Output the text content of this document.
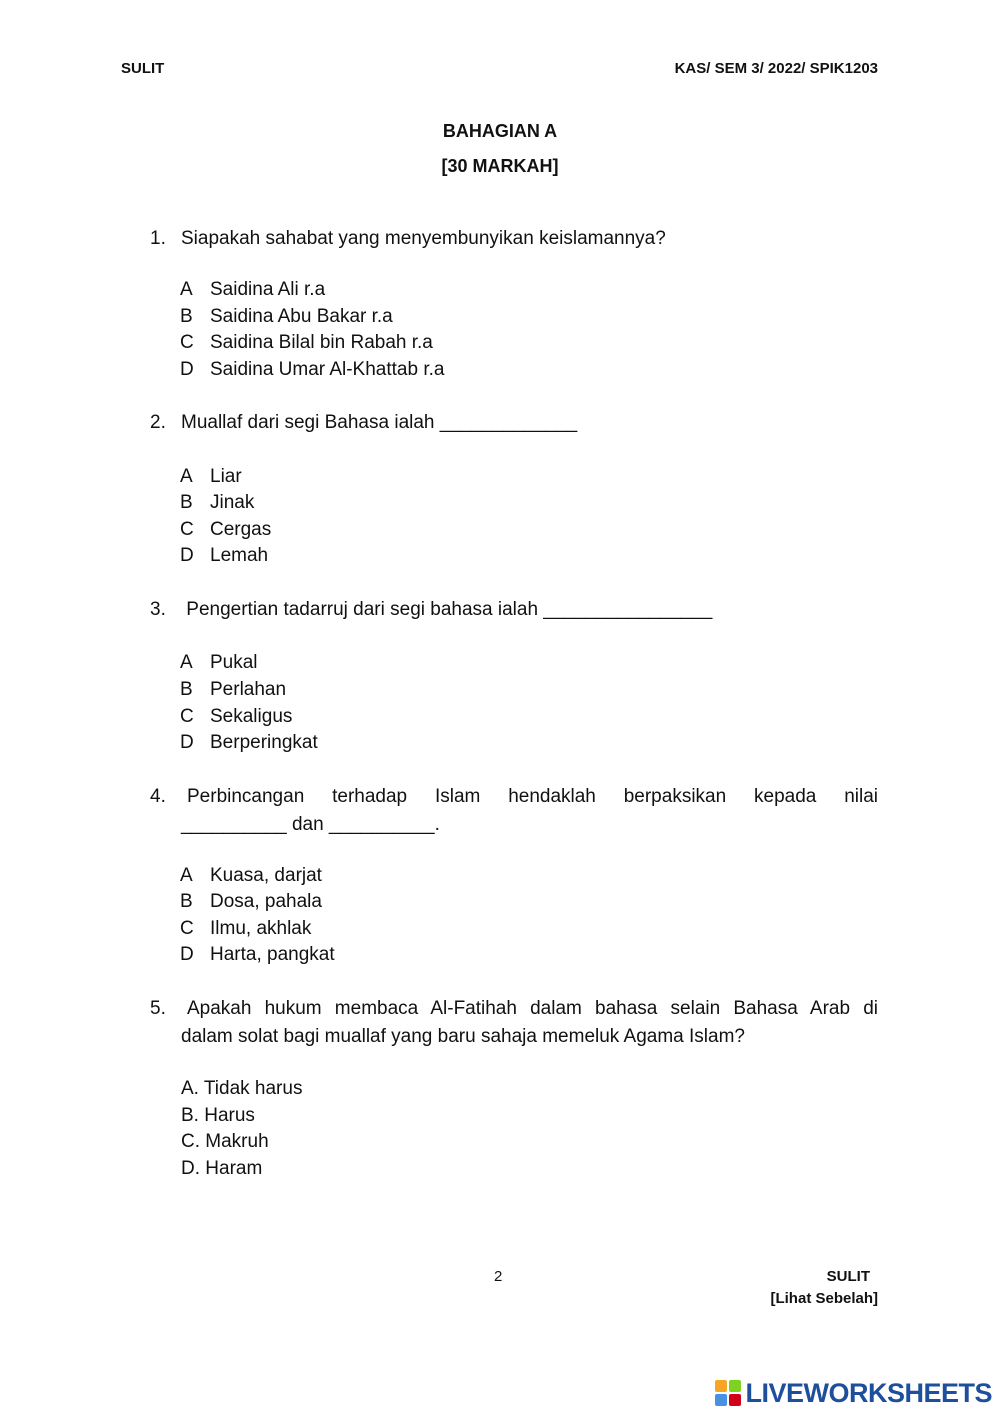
SULIT	KAS/ SEM 3/ 2022/ SPIK1203
BAHAGIAN A
[30 MARKAH]
1. Siapakah sahabat yang menyembunyikan keislamannya?
A Saidina Ali r.a
B Saidina Abu Bakar r.a
C Saidina Bilal bin Rabah r.a
D Saidina Umar Al-Khattab r.a
2. Muallaf dari segi Bahasa ialah _____________
A Liar
B Jinak
C Cergas
D Lemah
3. Pengertian tadarruj dari segi bahasa ialah ________________
A Pukal
B Perlahan
C Sekaligus
D Berperingkat
4. Perbincangan terhadap Islam hendaklah berpaksikan kepada nilai
__________ dan __________.
A Kuasa, darjat
B Dosa, pahala
C Ilmu, akhlak
D Harta, pangkat
5. Apakah hukum membaca Al-Fatihah dalam bahasa selain Bahasa Arab di
dalam solat bagi muallaf yang baru sahaja memeluk Agama Islam?
A. Tidak harus
B. Harus
C. Makruh
D. Haram
2	SULIT
[Lihat Sebelah]
LIVEWORKSHEETS
